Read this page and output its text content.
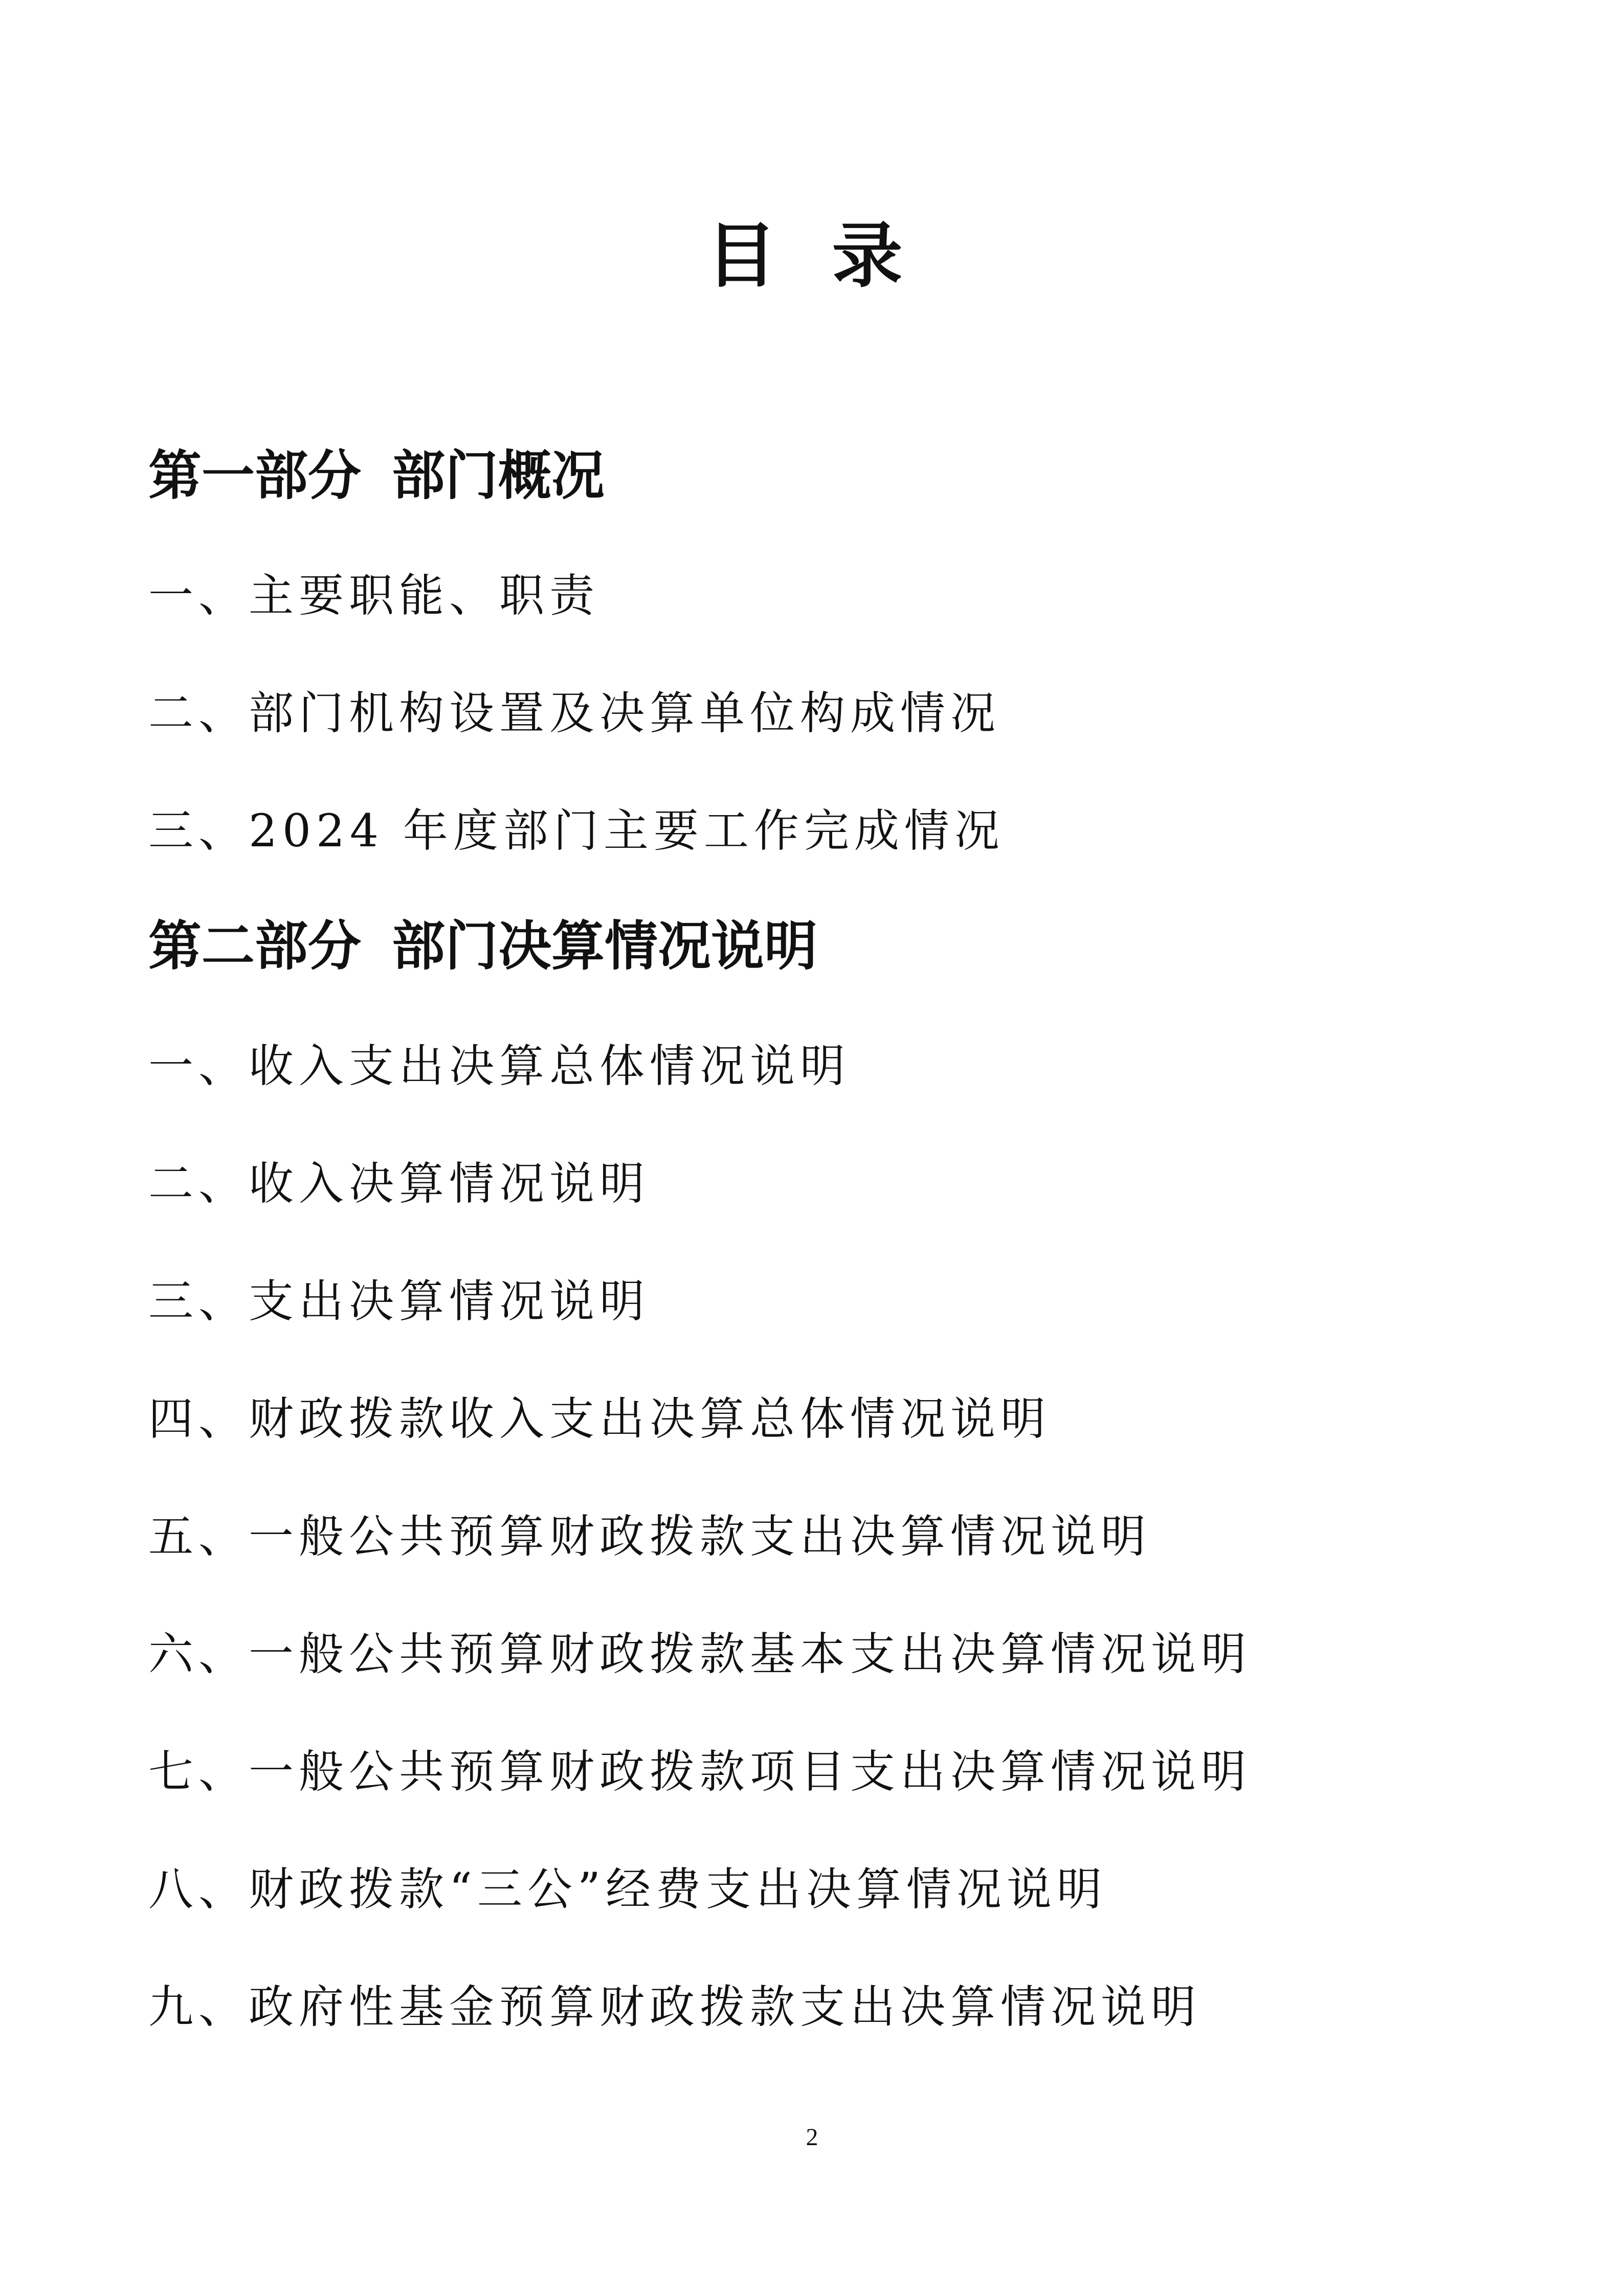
目 录
第一部分 部门概况

一、主要职能、职责

二、部门机构设置及决算单位构成情况

三、2024 年度部门主要工作完成情况

第二部分 部门决算情况说明

一、收入支出决算总体情况说明

二、收入决算情况说明

三、支出决算情况说明

四、财政拨款收入支出决算总体情况说明

五、一般公共预算财政拨款支出决算情况说明

六、一般公共预算财政拨款基本支出决算情况说明

七、一般公共预算财政拨款项目支出决算情况说明

八、财政拨款“三公”经费支出决算情况说明

九、政府性基金预算财政拨款支出决算情况说明

2
